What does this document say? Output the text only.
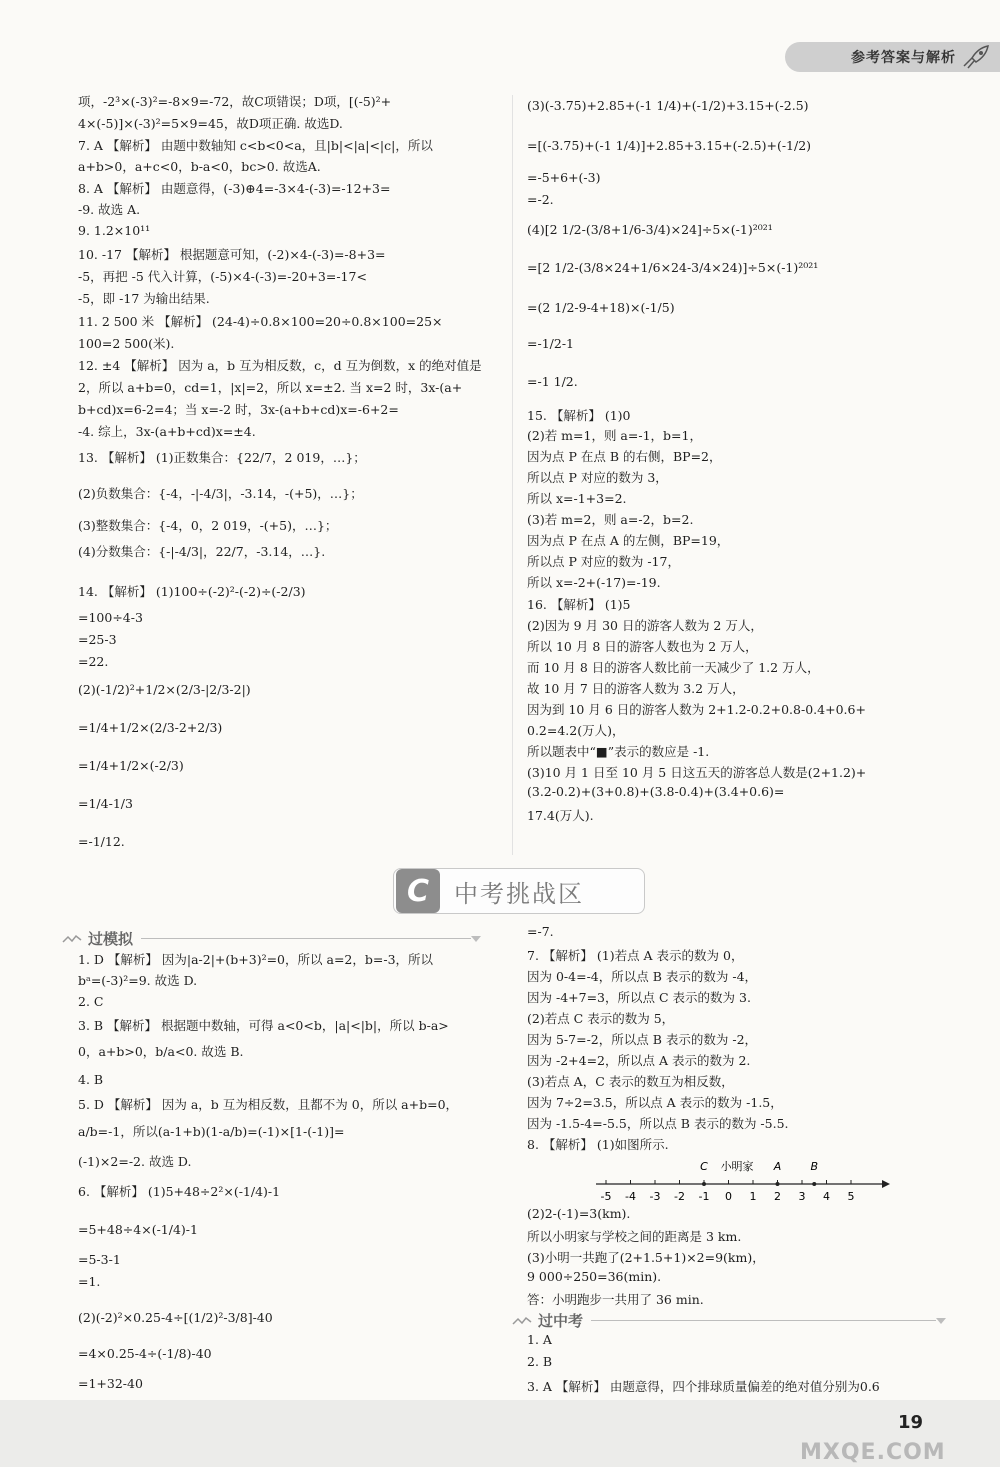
参考答案与解析
项，-2³×(-3)²=-8×9=-72，故C项错误；D项，[(-5)²+
4×(-5)]×(-3)²=5×9=45，故D项正确. 故选D.
7. A 【解析】 由题中数轴知 c<b<0<a，且|b|<|a|<|c|，所以
a+b>0，a+c<0，b-a<0，bc>0. 故选A.
8. A 【解析】 由题意得，(-3)⊕4=-3×4-(-3)=-12+3=
-9. 故选 A.
9. 1.2×10¹¹
10. -17 【解析】 根据题意可知，(-2)×4-(-3)=-8+3=
-5，再把 -5 代入计算，(-5)×4-(-3)=-20+3=-17<
-5，即 -17 为输出结果.
11. 2 500 米 【解析】 (24-4)÷0.8×100=20÷0.8×100=25×
100=2 500(米).
12. ±4 【解析】 因为 a，b 互为相反数，c，d 互为倒数，x 的绝对值是
2，所以 a+b=0，cd=1，|x|=2，所以 x=±2. 当 x=2 时，3x-(a+
b+cd)x=6-2=4；当 x=-2 时，3x-(a+b+cd)x=-6+2=
-4. 综上，3x-(a+b+cd)x=±4.
13. 【解析】 (1)正数集合：{22/7，2 019，…}；
(2)负数集合：{-4，-|-4/3|，-3.14，-(+5)，…}；
(3)整数集合：{-4，0，2 019，-(+5)，…}；
(4)分数集合：{-|-4/3|，22/7，-3.14，…}.
14. 【解析】 (1)100÷(-2)²-(-2)÷(-2/3)
=100÷4-3
=25-3
=22.
(2)(-1/2)²+1/2×(2/3-|2/3-2|)
=1/4+1/2×(2/3-2+2/3)
=1/4+1/2×(-2/3)
=1/4-1/3
=-1/12.
(3)(-3.75)+2.85+(-1 1/4)+(-1/2)+3.15+(-2.5)
=[(-3.75)+(-1 1/4)]+2.85+3.15+(-2.5)+(-1/2)
=-5+6+(-3)
=-2.
(4)[2 1/2-(3/8+1/6-3/4)×24]÷5×(-1)²⁰²¹
=[2 1/2-(3/8×24+1/6×24-3/4×24)]÷5×(-1)²⁰²¹
=(2 1/2-9-4+18)×(-1/5)
=-1/2-1
=-1 1/2.
15. 【解析】 (1)0
(2)若 m=1，则 a=-1，b=1，
因为点 P 在点 B 的右侧，BP=2，
所以点 P 对应的数为 3，
所以 x=-1+3=2.
(3)若 m=2，则 a=-2，b=2.
因为点 P 在点 A 的左侧，BP=19，
所以点 P 对应的数为 -17，
所以 x=-2+(-17)=-19.
16. 【解析】 (1)5
(2)因为 9 月 30 日的游客人数为 2 万人，
所以 10 月 8 日的游客人数也为 2 万人，
而 10 月 8 日的游客人数比前一天减少了 1.2 万人，
故 10 月 7 日的游客人数为 3.2 万人，
因为到 10 月 6 日的游客人数为 2+1.2-0.2+0.8-0.4+0.6+
0.2=4.2(万人)，
所以题表中“■”表示的数应是 -1.
(3)10 月 1 日至 10 月 5 日这五天的游客总人数是(2+1.2)+
(3.2-0.2)+(3+0.8)+(3.8-0.4)+(3.4+0.6)=
17.4(万人).
C	中考挑战区
过模拟
1. D 【解析】 因为|a-2|+(b+3)²=0，所以 a=2，b=-3，所以
bᵃ=(-3)²=9. 故选 D.
2. C
3. B 【解析】 根据题中数轴，可得 a<0<b，|a|<|b|，所以 b-a>
0，a+b>0，b/a<0. 故选 B.
4. B
5. D 【解析】 因为 a，b 互为相反数，且都不为 0，所以 a+b=0，
a/b=-1，所以(a-1+b)(1-a/b)=(-1)×[1-(-1)]=
(-1)×2=-2. 故选 D.
6. 【解析】 (1)5+48÷2²×(-1/4)-1
=5+48÷4×(-1/4)-1
=5-3-1
=1.
(2)(-2)²×0.25-4÷[(1/2)²-3/8]-40
=4×0.25-4÷(-1/8)-40
=1+32-40
=-7.
7. 【解析】 (1)若点 A 表示的数为 0，
因为 0-4=-4，所以点 B 表示的数为 -4，
因为 -4+7=3，所以点 C 表示的数为 3.
(2)若点 C 表示的数为 5，
因为 5-7=-2，所以点 B 表示的数为 -2，
因为 -2+4=2，所以点 A 表示的数为 2.
(3)若点 A，C 表示的数互为相反数，
因为 7÷2=3.5，所以点 A 表示的数为 -1.5，
因为 -1.5-4=-5.5，所以点 B 表示的数为 -5.5.
8. 【解析】 (1)如图所示.
(2)2-(-1)=3(km).
所以小明家与学校之间的距离是 3 km.
(3)小明一共跑了(2+1.5+1)×2=9(km)，
9 000÷250=36(min).
答：小明跑步一共用了 36 min.
-5 -4 -3 -2 -1 0 1 2 3 4 5
C 小明家 A	B
过中考
1. A
2. B
3. A 【解析】 由题意得，四个排球质量偏差的绝对值分别为0.6
19
MXQE.COM
